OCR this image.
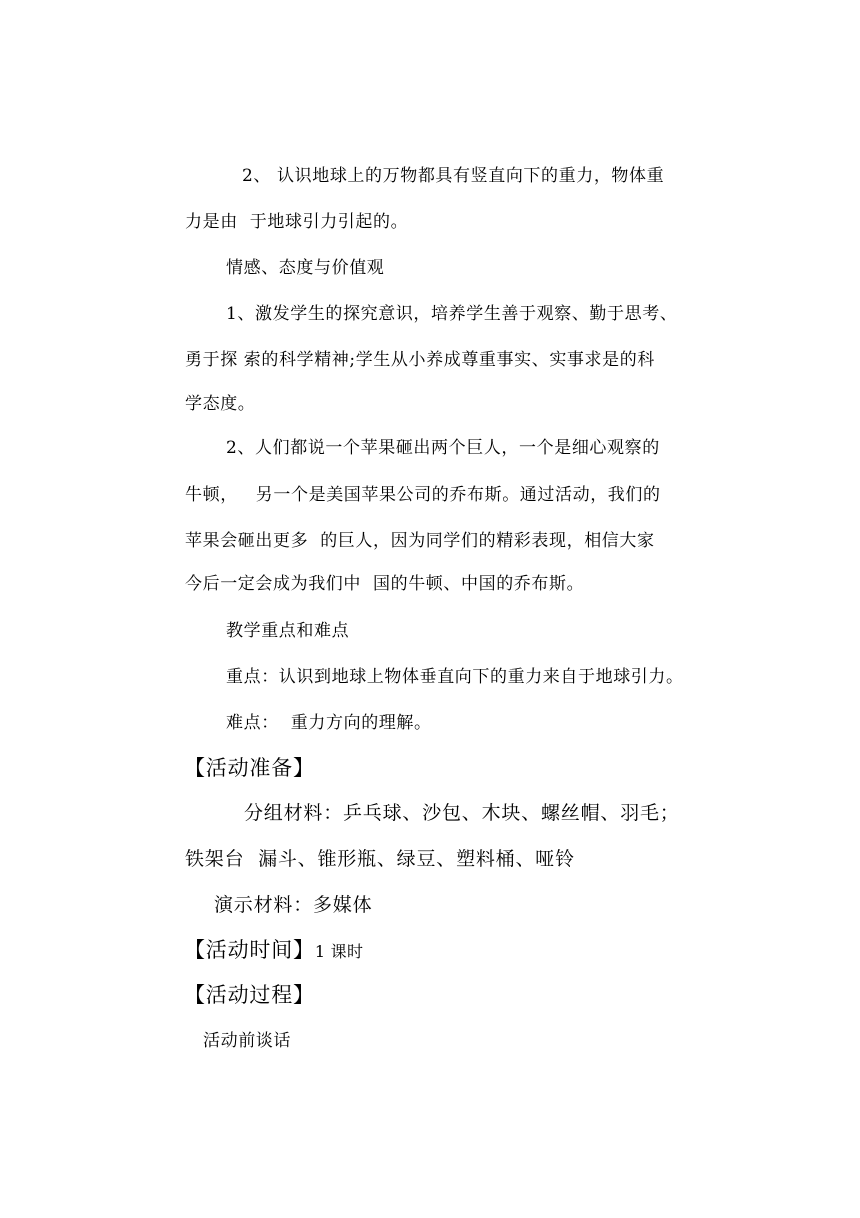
2、 认识地球上的万物都具有竖直向下的重力，物体重
力是由  于地球引力引起的。
情感、态度与价值观
1、激发学生的探究意识，培养学生善于观察、勤于思考、
勇于探 索的科学精神;学生从小养成尊重事实、实事求是的科
学态度。
2、人们都说一个苹果砸出两个巨人，一个是细心观察的
牛顿，   另一个是美国苹果公司的乔布斯。通过活动，我们的
苹果会砸出更多  的巨人，因为同学们的精彩表现，相信大家
今后一定会成为我们中  国的牛顿、中国的乔布斯。
教学重点和难点
重点：认识到地球上物体垂直向下的重力来自于地球引力。
难点：  重力方向的理解。
【活动准备】
分组材料：乒乓球、沙包、木块、螺丝帽、羽毛；
铁架台  漏斗、锥形瓶、绿豆、塑料桶、哑铃
演示材料：多媒体
【活动时间】1 课时
【活动过程】
活动前谈话
